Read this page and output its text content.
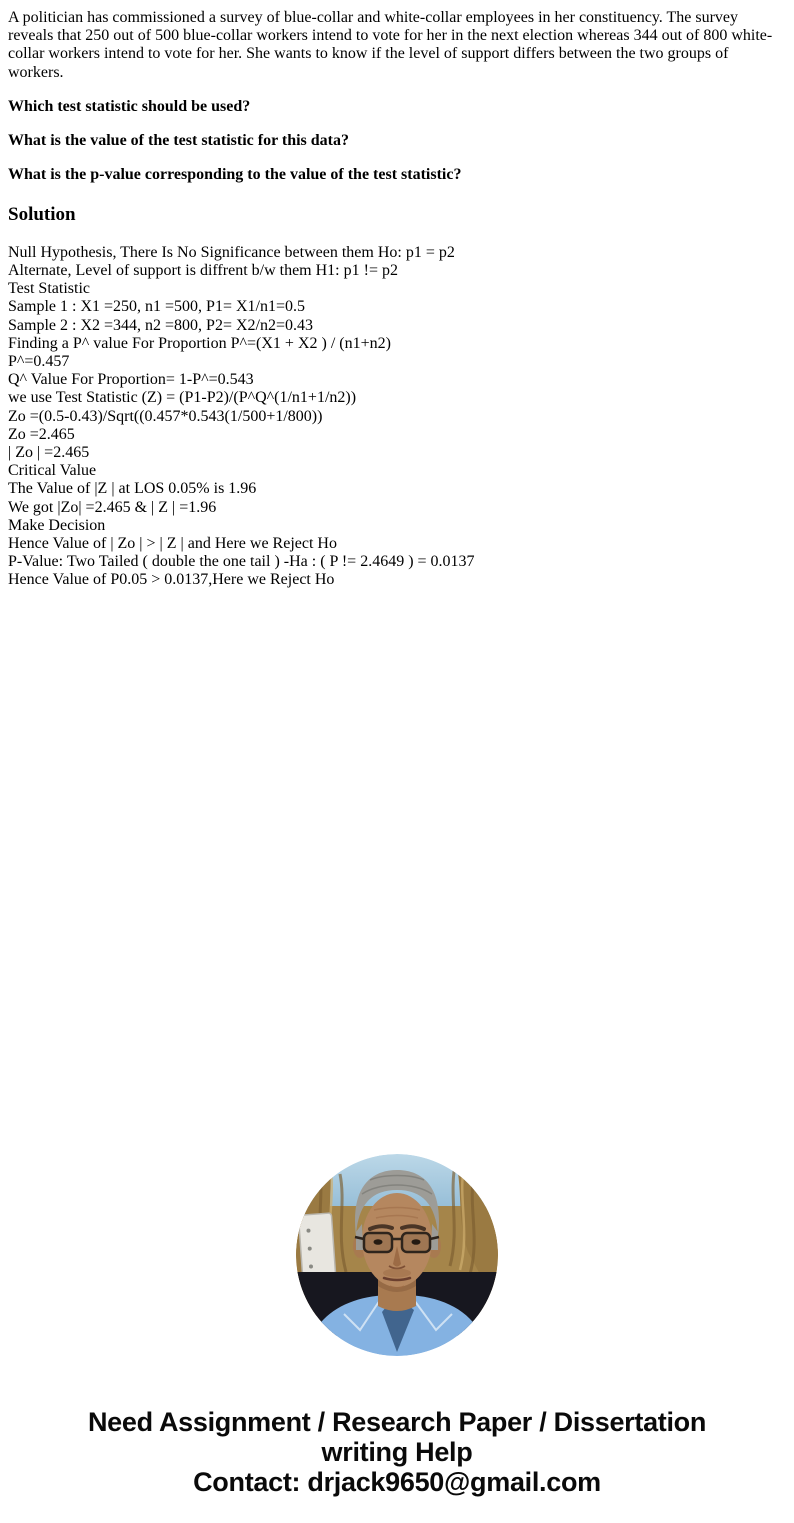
A politician has commissioned a survey of blue-collar and white-collar employees in her constituency. The survey reveals that 250 out of 500 blue-collar workers intend to vote for her in the next election whereas 344 out of 800 white-collar workers intend to vote for her. She wants to know if the level of support differs between the two groups of workers.

Which test statistic should be used?

What is the value of the test statistic for this data?

What is the p-value corresponding to the value of the test statistic?

Solution
Null Hypothesis, There Is No Significance between them Ho: p1 = p2
Alternate, Level of support is diffrent b/w them H1: p1 != p2
Test Statistic
Sample 1 : X1 =250, n1 =500, P1= X1/n1=0.5
Sample 2 : X2 =344, n2 =800, P2= X2/n2=0.43
Finding a P^ value For Proportion P^=(X1 + X2 ) / (n1+n2)
P^=0.457
Q^ Value For Proportion= 1-P^=0.543
we use Test Statistic (Z) = (P1-P2)/(P^Q^(1/n1+1/n2))
Zo =(0.5-0.43)/Sqrt((0.457*0.543(1/500+1/800))
Zo =2.465
| Zo | =2.465
Critical Value
The Value of |Z | at LOS 0.05% is 1.96
We got |Zo| =2.465 & | Z | =1.96
Make Decision
Hence Value of | Zo | > | Z | and Here we Reject Ho
P-Value: Two Tailed ( double the one tail ) -Ha : ( P != 2.4649 ) = 0.0137
Hence Value of P0.05 > 0.0137,Here we Reject Ho
Need Assignment / Research Paper / Dissertation
writing Help
Contact: drjack9650@gmail.com
